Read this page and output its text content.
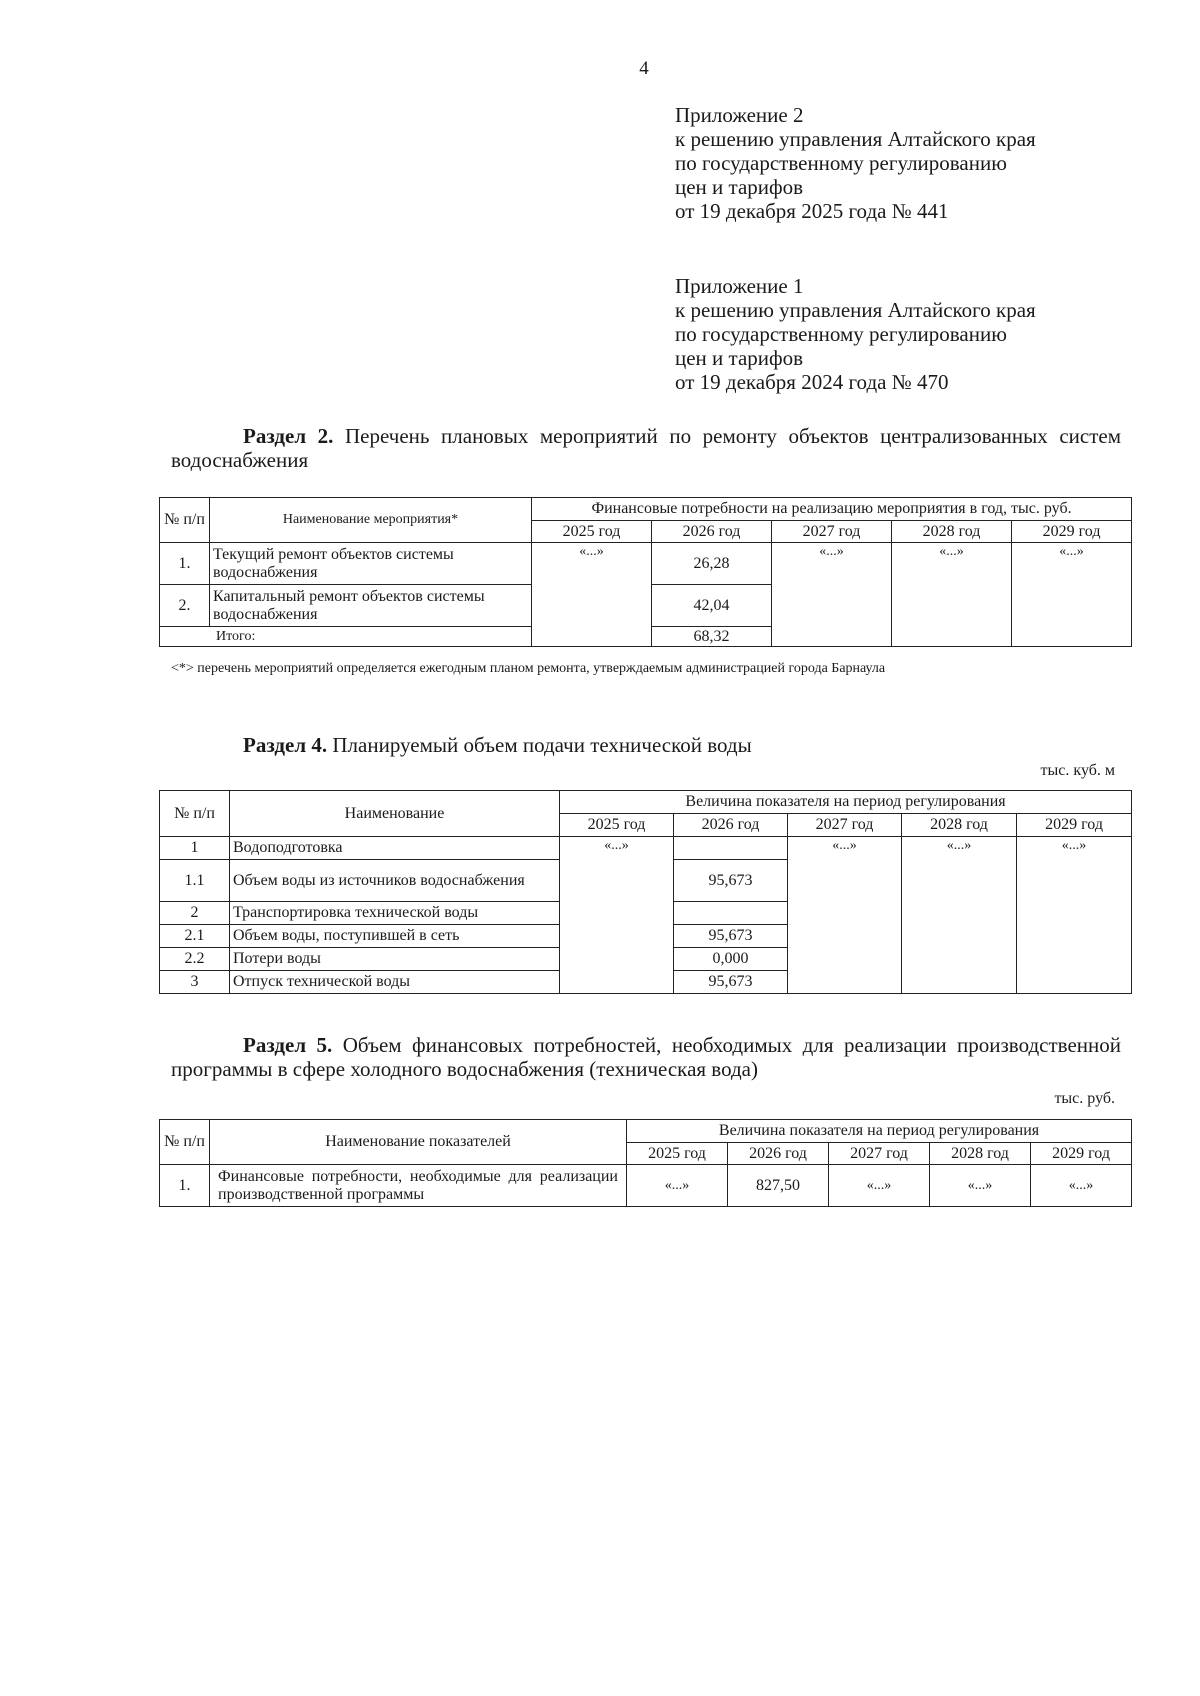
4
Приложение 2
к решению управления Алтайского края
по государственному регулированию
цен и тарифов
от 19 декабря 2025 года № 441
Приложение 1
к решению управления Алтайского края
по государственному регулированию
цен и тарифов
от 19 декабря 2024 года № 470
Раздел 2. Перечень плановых мероприятий по ремонту объектов централизованных систем водоснабжения
№ п/п	Наименование мероприятия*	Финансовые потребности на реализацию мероприятия в год, тыс. руб.				
		2025 год	2026 год	2027 год	2028 год	2029 год
1.	Текущий ремонт объектов системы водоснабжения	«...»	26,28	«...»	«...»	«...»
2.	Капитальный ремонт объектов системы водоснабжения		42,04			
Итого:			68,32			
<*> перечень мероприятий определяется ежегодным планом ремонта, утверждаемым администрацией города Барнаула
Раздел 4. Планируемый объем подачи технической воды
тыс. куб. м
№ п/п	Наименование	Величина показателя на период регулирования				
		2025 год	2026 год	2027 год	2028 год	2029 год
1	Водоподготовка	«...»		«...»	«...»	«...»
1.1	Объем воды из источников водоснабжения		95,673			
2	Транспортировка технической воды					
2.1	Объем воды, поступившей в сеть		95,673			
2.2	Потери воды		0,000			
3	Отпуск технической воды		95,673			
Раздел 5. Объем финансовых потребностей, необходимых для реализации производственной программы в сфере холодного водоснабжения (техническая вода)
тыс. руб.
№ п/п	Наименование показателей	Величина показателя на период регулирования				
		2025 год	2026 год	2027 год	2028 год	2029 год
1.	Финансовые потребности, необходимые для реализации производственной программы	«...»	827,50	«...»	«...»	«...»
